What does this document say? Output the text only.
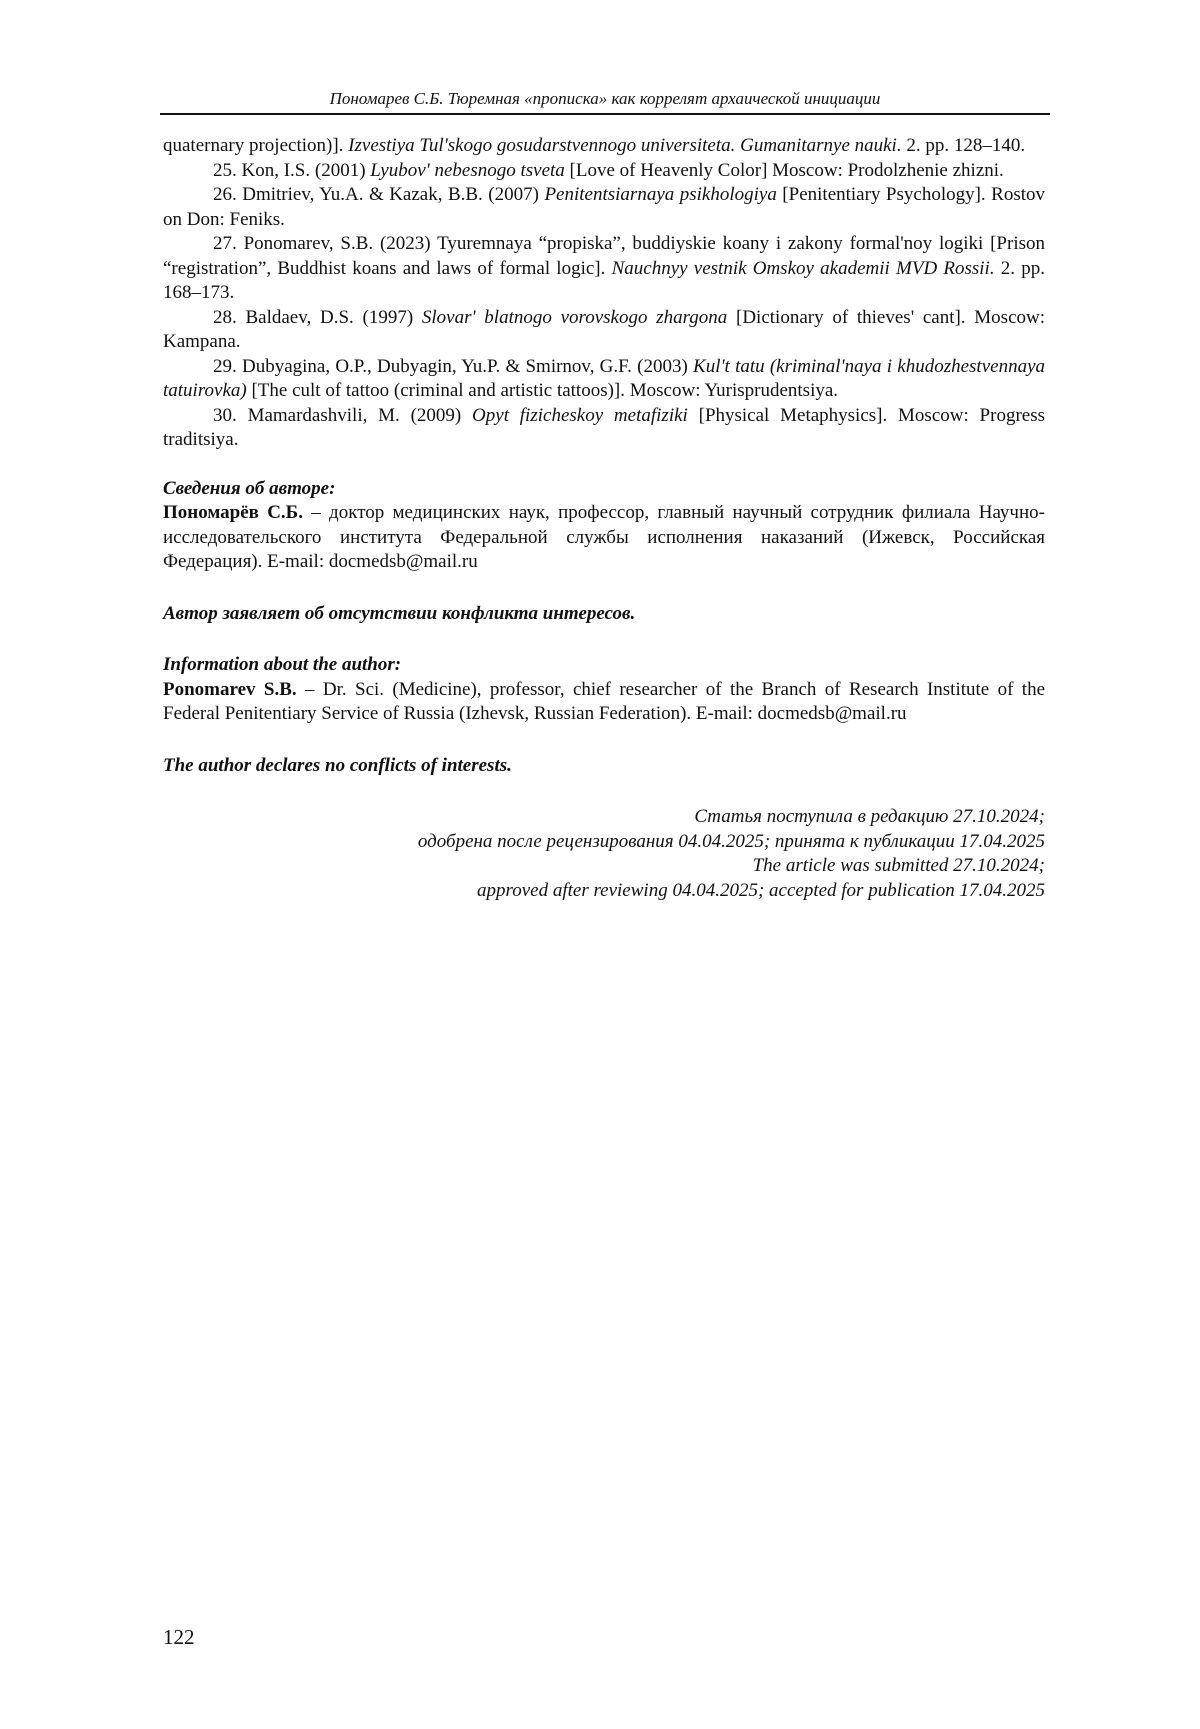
Пономарев С.Б. Тюремная «прописка» как коррелят архаической инициации

quaternary projection)]. Izvestiya Tul'skogo gosudarstvennogo universiteta. Gumanitarnye nauki. 2. pp. 128–140.

25. Kon, I.S. (2001) Lyubov' nebesnogo tsveta [Love of Heavenly Color] Moscow: Prodolzhenie zhizni.

26. Dmitriev, Yu.A. & Kazak, B.B. (2007) Penitentsiarnaya psikhologiya [Penitentiary Psychology]. Rostov on Don: Feniks.

27. Ponomarev, S.B. (2023) Tyuremnaya “propiska”, buddiyskie koany i zakony formal'noy logiki [Prison “registration”, Buddhist koans and laws of formal logic]. Nauchnyy vestnik Omskoy akademii MVD Rossii. 2. pp. 168–173.

28. Baldaev, D.S. (1997) Slovar' blatnogo vorovskogo zhargona [Dictionary of thieves' cant]. Moscow: Kampana.

29. Dubyagina, O.P., Dubyagin, Yu.P. & Smirnov, G.F. (2003) Kul't tatu (kriminal'naya i khudozhestvennaya tatuirovka) [The cult of tattoo (criminal and artistic tattoos)]. Moscow: Yurisprudentsiya.

30. Mamardashvili, M. (2009) Opyt fizicheskoy metafiziki [Physical Metaphysics]. Moscow: Progress traditsiya.

Сведения об авторе:

Пономарёв С.Б. – доктор медицинских наук, профессор, главный научный сотрудник филиала Научно-исследовательского института Федеральной службы исполнения наказаний (Ижевск, Российская Федерация). E-mail: docmedsb@mail.ru

Автор заявляет об отсутствии конфликта интересов.

Information about the author:

Ponomarev S.B. – Dr. Sci. (Medicine), professor, chief researcher of the Branch of Research Institute of the Federal Penitentiary Service of Russia (Izhevsk, Russian Federation). E-mail: docmedsb@mail.ru

The author declares no conflicts of interests.

Статья поступила в редакцию 27.10.2024;

одобрена после рецензирования 04.04.2025; принята к публикации 17.04.2025

The article was submitted 27.10.2024;

approved after reviewing 04.04.2025; accepted for publication 17.04.2025

122
